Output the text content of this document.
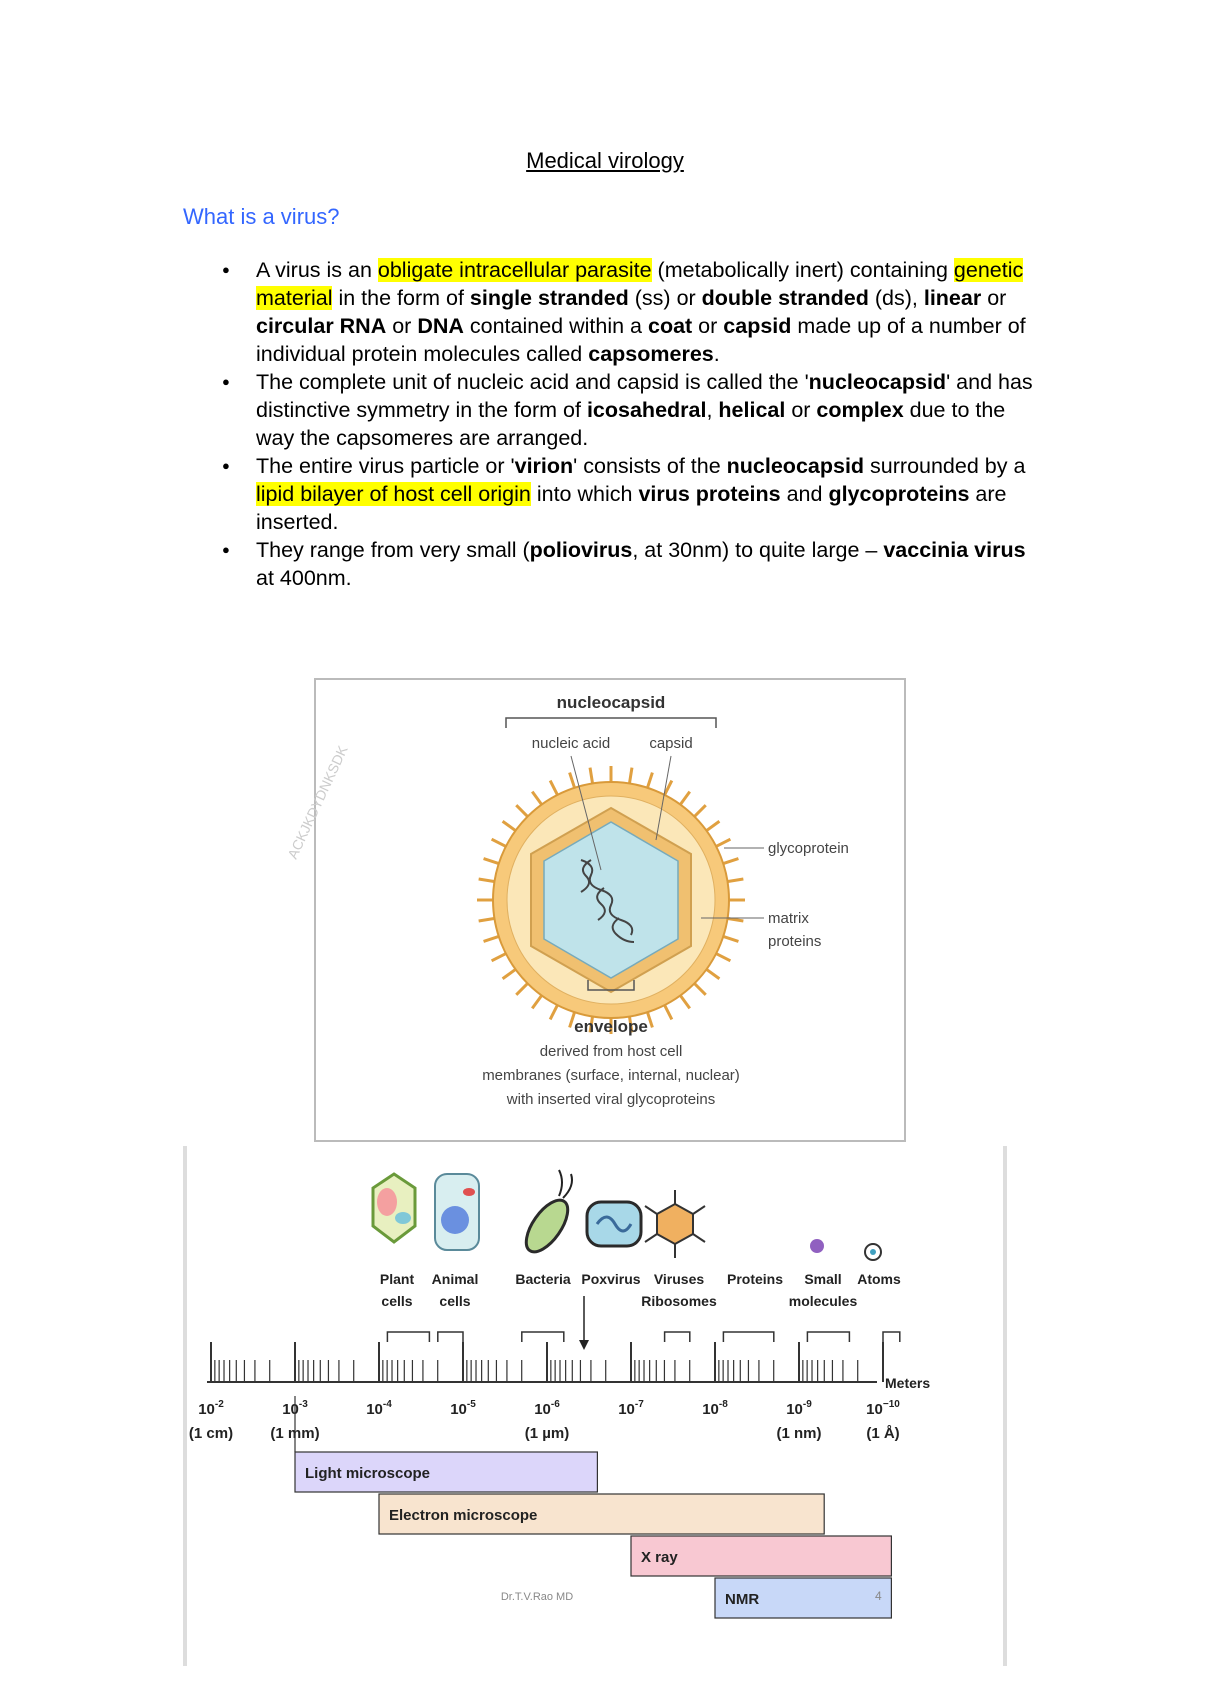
Medical virology
What is a virus?
● A virus is an obligate intracellular parasite (metabolically inert) containing genetic material in the form of single stranded (ss) or double stranded (ds), linear or circular RNA or DNA contained within a coat or capsid made up of a number of individual protein molecules called capsomeres.
● The complete unit of nucleic acid and capsid is called the 'nucleocapsid' and has distinctive symmetry in the form of icosahedral, helical or complex due to the way the capsomeres are arranged.
● The entire virus particle or 'virion' consists of the nucleocapsid surrounded by a lipid bilayer of host cell origin into which virus proteins and glycoproteins are inserted.
● They range from very small (poliovirus, at 30nm) to quite large – vaccinia virus at 400nm.
ACKJKDYDNKSDK
nucleocapsid
nucleic acid	capsid
glycoprotein
matrix
proteins
envelope
derived from host cell
membranes (surface, internal, nuclear)
with inserted viral glycoproteins
Plant
cells
Animal
cells
Bacteria Poxvirus Viruses
Ribosomes
Proteins Small
molecules
Atoms
Meters
$10^{-2}$
(1 cm)
$10^{-3}$
(1 mm)
$10^{-4}$	$10^{-5}$	$10^{-6}$
(1 µm)
$10^{-7}$	$10^{-8}$	$10^{-9}$
(1 nm)
$10^{-10}$
(1 Å)
Light microscope
Electron microscope
X ray
NMR
Dr.T.V.Rao MD	4
